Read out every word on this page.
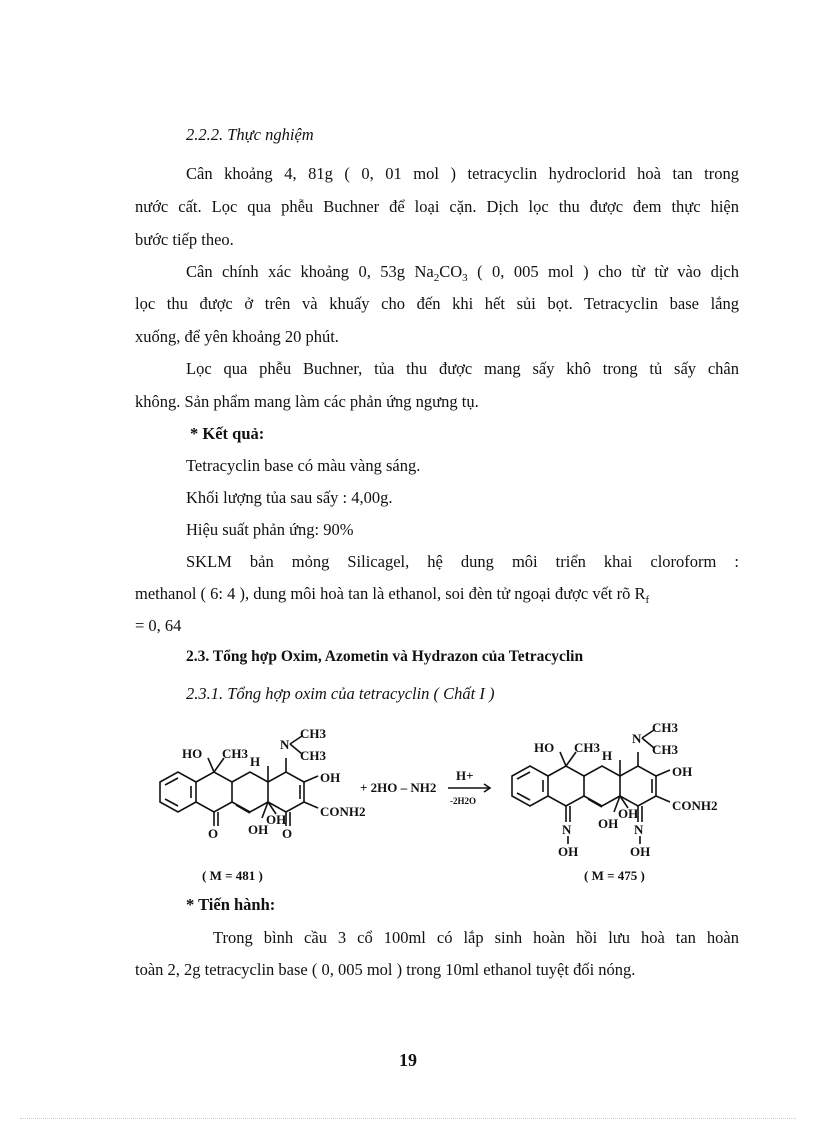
2.2.2. Thực nghiệm
Cân khoảng 4, 81g ( 0, 01 mol ) tetracyclin hydroclorid hoà tan trong
nước cất. Lọc qua phễu Buchner để loại cặn. Dịch lọc thu được đem thực hiện
bước tiếp theo.
Cân chính xác khoảng 0, 53g $Na_2CO_3$ ( 0, 005 mol ) cho từ từ vào dịch
lọc thu được ở trên và khuấy cho đến khi hết sủi bọt. Tetracyclin base lắng
xuống, để yên khoảng 20 phút.
Lọc qua phễu Buchner, tủa thu được mang sấy khô trong tủ sấy chân
không. Sản phẩm mang làm các phản ứng ngưng tụ.
* Kết quả:
Tetracyclin base có màu vàng sáng.
Khối lượng tủa sau sấy : 4,00g.
Hiệu suất phản ứng: 90%
SKLM bản mỏng Silicagel, hệ dung môi triển khai cloroform :
methanol ( 6: 4 ), dung môi hoà tan là ethanol, soi đèn tử ngoại được vết rõ $R_f$
= 0, 64
2.3. Tổng hợp Oxim, Azometin và Hydrazon của Tetracyclin
2.3.1. Tổng hợp oxim của tetracyclin ( Chất I )
HO CH3
N
CH3
CH3
H
OH
CONH2
O OH
OH
O
( M = 481 )
+ 2HO – NH2
H+
-2H2O
HO CH3
N
CH3
CH3
H
OH
CONH2
N
OH
OH
OH
N
OH
( M = 475 )
* Tiến hành:
Trong bình cầu 3 cổ 100ml có lắp sinh hoàn hồi lưu hoà tan hoàn
toàn 2, 2g tetracyclin base ( 0, 005 mol ) trong 10ml ethanol tuyệt đối nóng.
19
